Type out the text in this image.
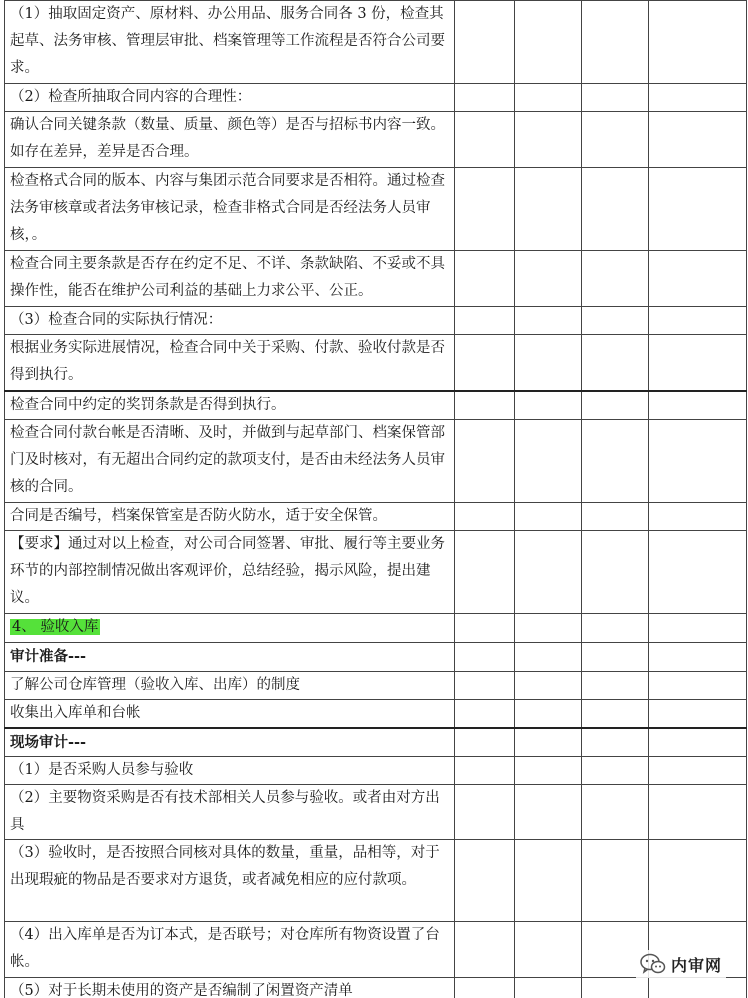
（1）抽取固定资产、原材料、办公用品、服务合同各 3 份，检查其起草、法务审核、管理层审批、档案管理等工作流程是否符合公司要求。				

（2）检查所抽取合同内容的合理性：				

确认合同关键条款（数量、质量、颜色等）是否与招标书内容一致。如存在差异，差异是否合理。				

检查格式合同的版本、内容与集团示范合同要求是否相符。通过检查法务审核章或者法务审核记录，检查非格式合同是否经法务人员审核，。				

检查合同主要条款是否存在约定不足、不详、条款缺陷、不妥或不具操作性，能否在维护公司利益的基础上力求公平、公正。				

（3）检查合同的实际执行情况：				

根据业务实际进展情况，检查合同中关于采购、付款、验收付款是否得到执行。				

检查合同中约定的奖罚条款是否得到执行。				

检查合同付款台帐是否清晰、及时，并做到与起草部门、档案保管部门及时核对，有无超出合同约定的款项支付，是否由未经法务人员审核的合同。				

合同是否编号，档案保管室是否防火防水，适于安全保管。				

【要求】通过对以上检查，对公司合同签署、审批、履行等主要业务环节的内部控制情况做出客观评价，总结经验，揭示风险，提出建议。				

4、 验收入库				

审计准备---				

了解公司仓库管理（验收入库、出库）的制度				

收集出入库单和台帐				

现场审计---				

（1）是否采购人员参与验收				

（2）主要物资采购是否有技术部相关人员参与验收。或者由对方出具				

（3）验收时，是否按照合同核对具体的数量，重量，品相等，对于出现瑕疵的物品是否要求对方退货，或者减免相应的应付款项。				

（4）出入库单是否为订本式，是否联号；对仓库所有物资设置了台帐。				

（5）对于长期未使用的资产是否编制了闲置资产清单				

内审网
